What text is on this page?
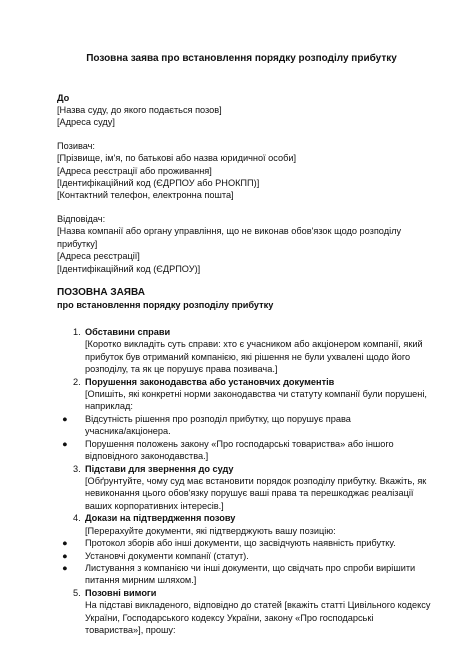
Позовна заява про встановлення порядку розподілу прибутку
До
[Назва суду, до якого подається позов]
[Адреса суду]
Позивач:
[Прізвище, ім'я, по батькові або назва юридичної особи]
[Адреса реєстрації або проживання]
[Ідентифікаційний код (ЄДРПОУ або РНОКПП)]
[Контактний телефон, електронна пошта]
Відповідач:
[Назва компанії або органу управління, що не виконав обов'язок щодо розподілу
прибутку]
[Адреса реєстрації]
[Ідентифікаційний код (ЄДРПОУ)]
ПОЗОВНА ЗАЯВА
про встановлення порядку розподілу прибутку
1. Обставини справи
[Коротко викладіть суть справи: хто є учасником або акціонером компанії, який
прибуток був отриманий компанією, які рішення не були ухвалені щодо його
розподілу, та як це порушує права позивача.]
2. Порушення законодавства або установчих документів
[Опишіть, які конкретні норми законодавства чи статуту компанії були порушені,
наприклад:
● Відсутність рішення про розподіл прибутку, що порушує права
учасника/акціонера.
● Порушення положень закону «Про господарські товариства» або іншого
відповідного законодавства.]
3. Підстави для звернення до суду
[Обґрунтуйте, чому суд має встановити порядок розподілу прибутку. Вкажіть, як
невиконання цього обов'язку порушує ваші права та перешкоджає реалізації
ваших корпоративних інтересів.]
4. Докази на підтвердження позову
[Перерахуйте документи, які підтверджують вашу позицію:
● Протокол зборів або інші документи, що засвідчують наявність прибутку.
● Установчі документи компанії (статут).
● Листування з компанією чи інші документи, що свідчать про спроби вирішити
питання мирним шляхом.]
5. Позовні вимоги
На підставі викладеного, відповідно до статей [вкажіть статті Цивільного кодексу
України, Господарського кодексу України, закону «Про господарські
товариства»], прошу:
